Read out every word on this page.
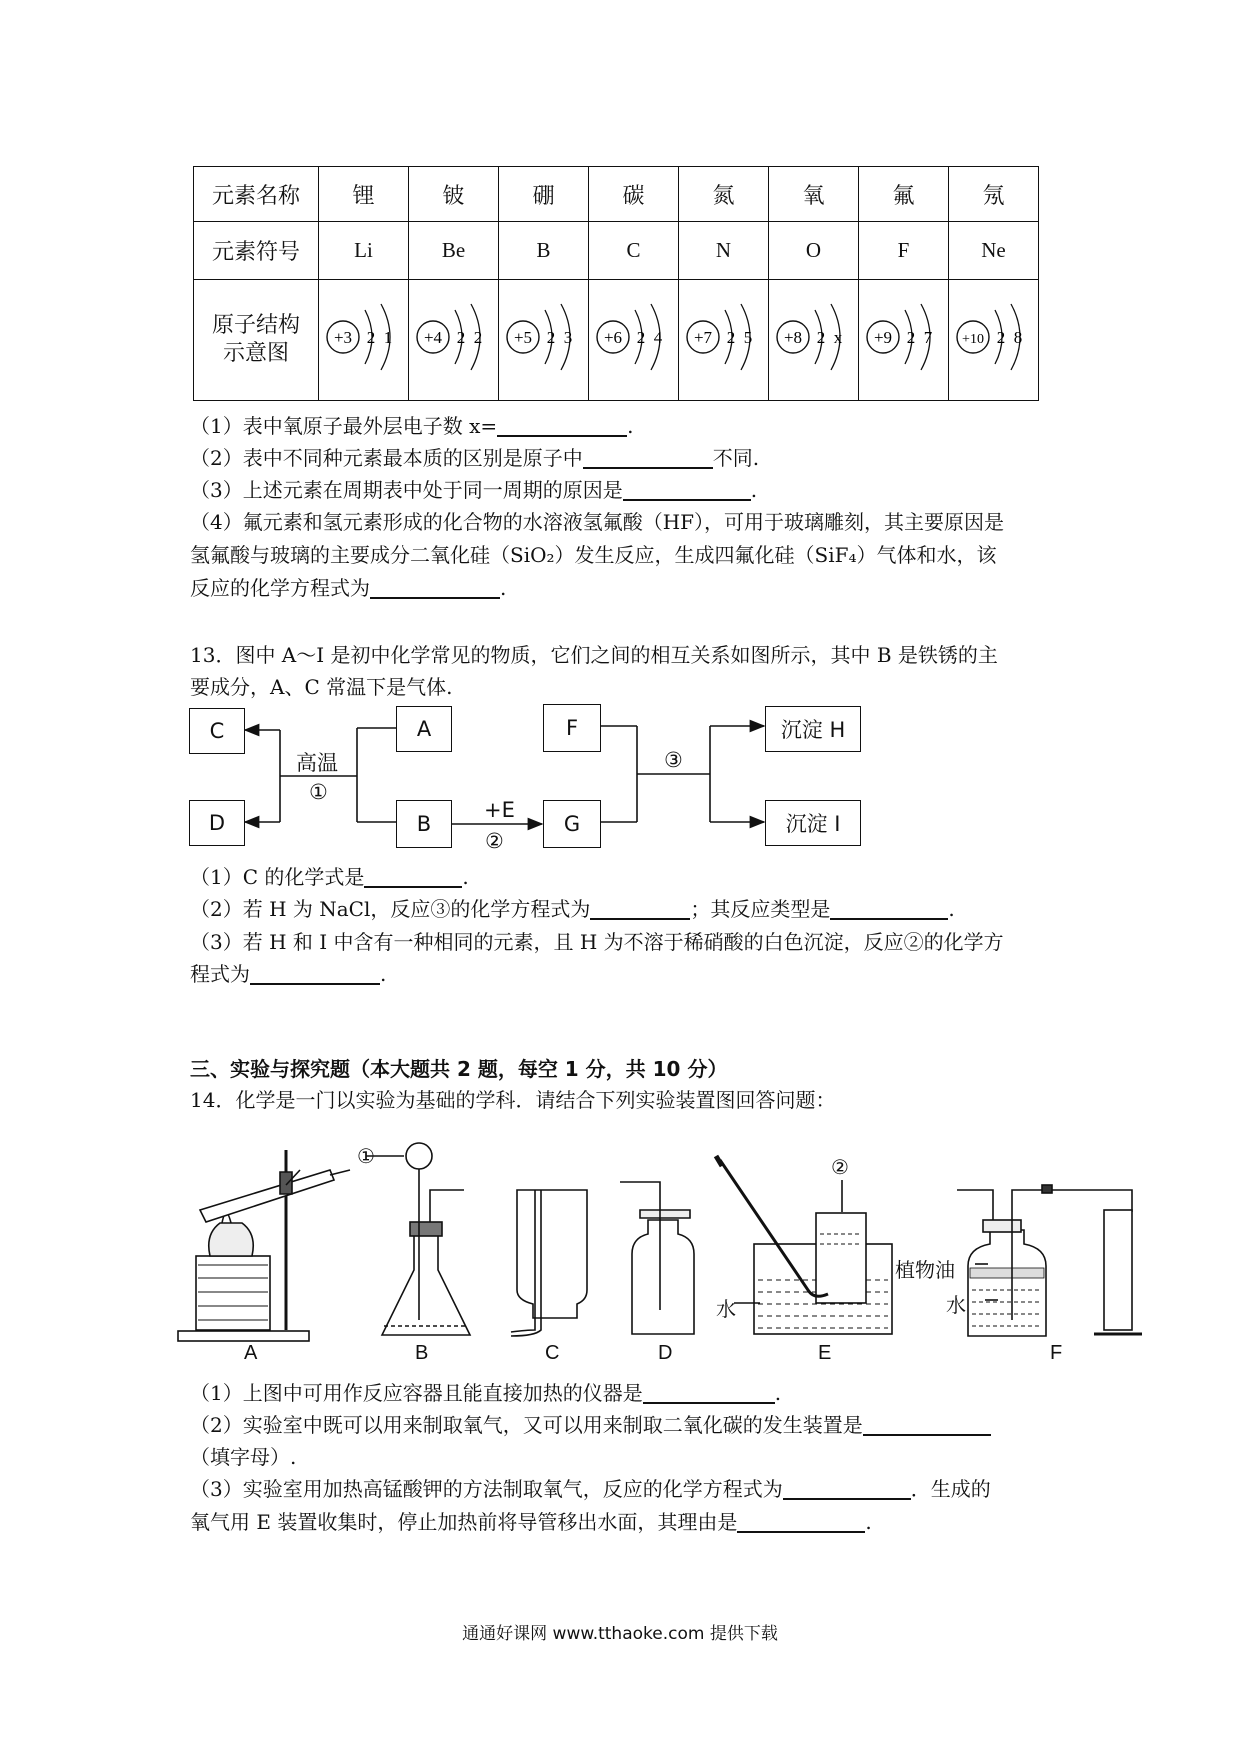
元素名称	锂	铍	硼	碳	氮	氧	氟	氖
元素符号	Li	Be	B	C	N	O	F	Ne
原子结构示意图	+3 2 1	+4 2 2	+5 2 3	+6 2 4	+7 2 5	+8 2 x	+9 2 7	+10 2 8
（1）表中氧原子最外层电子数 x=	.
（2）表中不同种元素最本质的区别是原子中	不同.
（3）上述元素在周期表中处于同一周期的原因是	.
（4）氟元素和氢元素形成的化合物的水溶液氢氟酸（HF），可用于玻璃雕刻，其主要原因是
氢氟酸与玻璃的主要成分二氧化硅（SiO₂）发生反应，生成四氟化硅（SiF₄）气体和水，该
反应的化学方程式为	.
13．图中 A～I 是初中化学常见的物质，它们之间的相互关系如图所示，其中 B 是铁锈的主
要成分，A、C 常温下是气体.
C
D
A
B
F
G
沉淀 H
沉淀 I
高温
①
+E
②
③
（1）C 的化学式是	.
（2）若 H 为 NaCl，反应③的化学方程式为	；其反应类型是	.
（3）若 H 和 I 中含有一种相同的元素，且 H 为不溶于稀硝酸的白色沉淀，反应②的化学方
程式为	.
三、实验与探究题（本大题共 2 题，每空 1 分，共 10 分）
14．化学是一门以实验为基础的学科．请结合下列实验装置图回答问题：
①	②
水
植物油
水
A	B	C	D	E	F
（1）上图中可用作反应容器且能直接加热的仪器是	.
（2）实验室中既可以用来制取氧气，又可以用来制取二氧化碳的发生装置是
（填字母）.
（3）实验室用加热高锰酸钾的方法制取氧气，反应的化学方程式为	．生成的
氧气用 E 装置收集时，停止加热前将导管移出水面，其理由是	.
通通好课网 www.tthaoke.com 提供下载
